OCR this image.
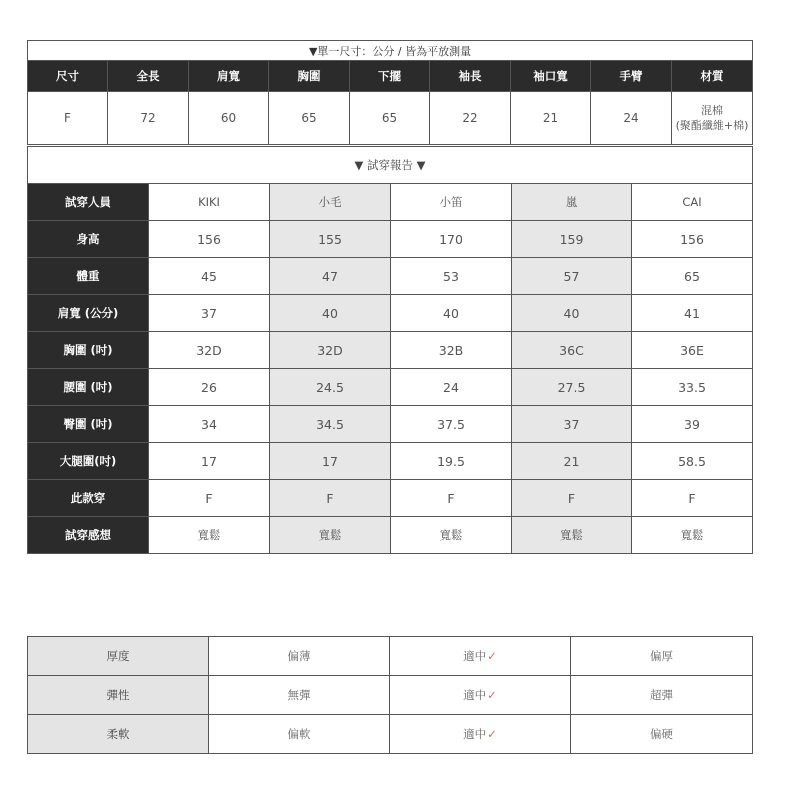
▼單一尺寸：公分 / 皆為平放測量								
尺寸	全長	肩寬	胸圍	下擺	袖長	袖口寬	手臂	材質
F	72	60	65	65	22	21	24	混棉
(聚酯纖維+棉)
▼ 試穿報告 ▼					
試穿人員	KIKI	小毛	小笛	嵐	CAI
身高	156	155	170	159	156
體重	45	47	53	57	65
肩寬 (公分)	37	40	40	40	41
胸圍 (吋)	32D	32D	32B	36C	36E
腰圍 (吋)	26	24.5	24	27.5	33.5
臀圍 (吋)	34	34.5	37.5	37	39
大腿圍(吋)	17	17	19.5	21	58.5
此款穿	F	F	F	F	F
試穿感想	寬鬆	寬鬆	寬鬆	寬鬆	寬鬆
厚度	偏薄	適中✓	偏厚
彈性	無彈	適中✓	超彈
柔軟	偏軟	適中✓	偏硬
